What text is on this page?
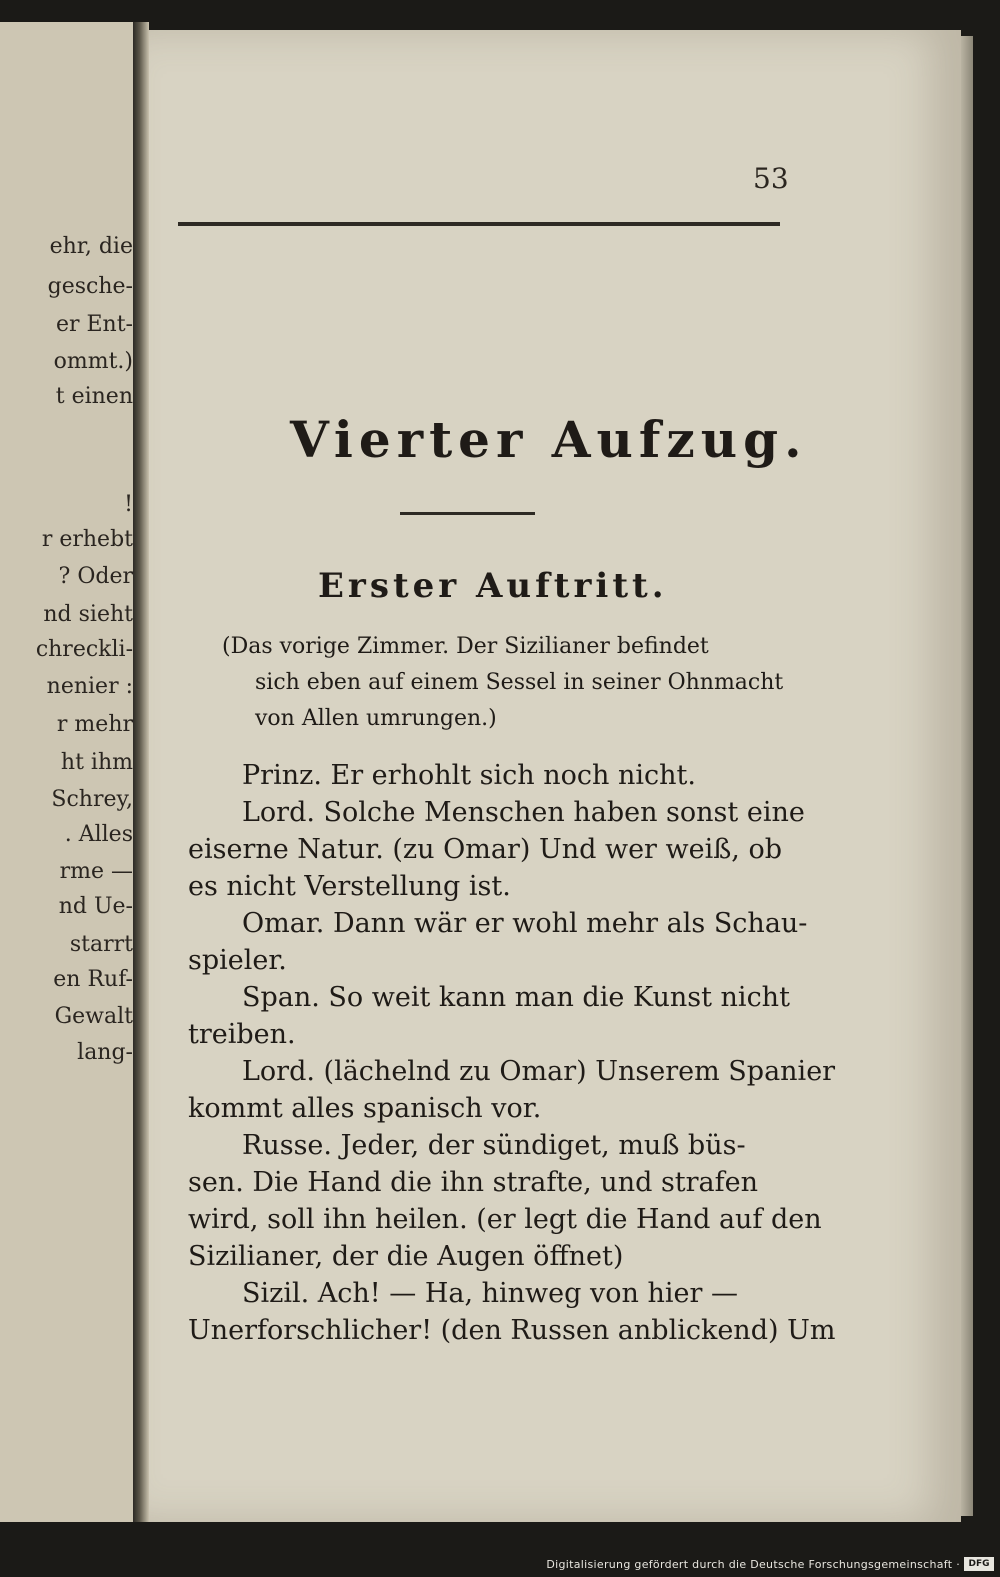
ehr, die
gesche-
er Ent-
ommt.)
t einen
!
r erhebt
? Oder
nd sieht
chreckli-
nenier :
r mehr
ht ihm
Schrey,
. Alles
rme —
nd Ue-
starrt
en Ruf-
Gewalt
lang-
53
Vierter Aufzug.
Erster Auftritt.
(Das vorige Zimmer. Der Sizilianer befindet
sich eben auf einem Sessel in seiner Ohnmacht
von Allen umrungen.)
Prinz. Er erhohlt sich noch nicht.
Lord. Solche Menschen haben sonst eine
eiserne Natur. (zu Omar) Und wer weiß, ob
es nicht Verstellung ist.
Omar. Dann wär er wohl mehr als Schau-
spieler.
Span. So weit kann man die Kunst nicht
treiben.
Lord. (lächelnd zu Omar) Unserem Spanier
kommt alles spanisch vor.
Russe. Jeder, der sündiget, muß büs-
sen. Die Hand die ihn strafte, und strafen
wird, soll ihn heilen. (er legt die Hand auf den
Sizilianer, der die Augen öffnet)
Sizil. Ach! — Ha, hinweg von hier —
Unerforschlicher! (den Russen anblickend) Um
Digitalisierung gefördert durch die Deutsche Forschungsgemeinschaft · DFG
